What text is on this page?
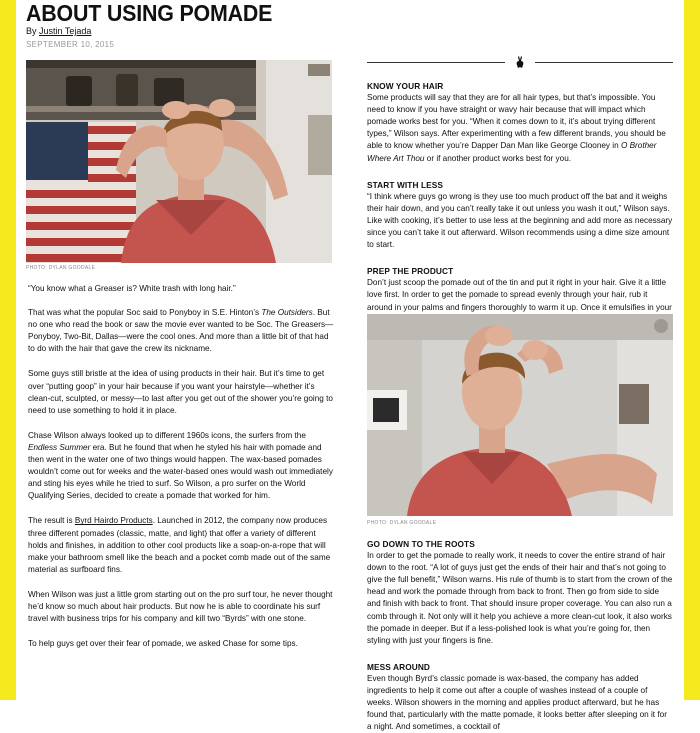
ABOUT USING POMADE
By Justin Tejada
SEPTEMBER 10, 2015
PHOTO: DYLAN GOODALE

“You know what a Greaser is? White trash with long hair.”

That was what the popular Soc said to Ponyboy in S.E. Hinton’s The Outsiders. But no one who read the book or saw the movie ever wanted to be Soc. The Greasers—Ponyboy, Two-Bit, Dallas—were the cool ones. And more than a little bit of that had to do with the hair that gave the crew its nickname.

Some guys still bristle at the idea of using products in their hair. But it’s time to get over “putting goop” in your hair because if you want your hairstyle—whether it’s clean-cut, sculpted, or messy—to last after you get out of the shower you’re going to need to use something to hold it in place.

Chase Wilson always looked up to different 1960s icons, the surfers from the Endless Summer era. But he found that when he styled his hair with pomade and then went in the water one of two things would happen. The wax-based pomades wouldn’t come out for weeks and the water-based ones would wash out immediately and sting his eyes while he tried to surf. So Wilson, a pro surfer on the World Qualifying Series, decided to create a pomade that worked for him.

The result is Byrd Hairdo Products. Launched in 2012, the company now produces three different pomades (classic, matte, and light) that offer a variety of different holds and finishes, in addition to other cool products like a soap-on-a-rope that will make your bathroom smell like the beach and a pocket comb made out of the same material as surfboard fins.

When Wilson was just a little grom starting out on the pro surf tour, he never thought he’d know so much about hair products. But now he is able to coordinate his surf travel with business trips for his company and kill two “Byrds” with one stone.

To help guys get over their fear of pomade, we asked Chase for some tips.

KNOW YOUR HAIR

Some products will say that they are for all hair types, but that’s impossible. You need to know if you have straight or wavy hair because that will impact which pomade works best for you. “When it comes down to it, it’s about trying different types,” Wilson says. After experimenting with a few different brands, you should be able to know whether you’re Dapper Dan Man like George Clooney in O Brother Where Art Thou or if another product works best for you.

START WITH LESS

“I think where guys go wrong is they use too much product off the bat and it weighs their hair down, and you can’t really take it out unless you wash it out,” Wilson says. Like with cooking, it’s better to use less at the beginning and add more as necessary since you can’t take it out afterward. Wilson recommends using a dime size amount to start.

PREP THE PRODUCT

Don’t just scoop the pomade out of the tin and put it right in your hair. Give it a little love first. In order to get the pomade to spread evenly through your hair, rub it around in your palms and fingers thoroughly to warm it up. Once it emulsifies in your

PHOTO: DYLAN GOODALE

GO DOWN TO THE ROOTS

In order to get the pomade to really work, it needs to cover the entire strand of hair down to the root. “A lot of guys just get the ends of their hair and that’s not going to give the full benefit,” Wilson warns. His rule of thumb is to start from the crown of the head and work the pomade through from back to front. Then go from side to side and finish with back to front. That should insure proper coverage. You can also run a comb through it. Not only will it help you achieve a more clean-cut look, it also works the pomade in deeper. But if a less-polished look is what you’re going for, then styling with just your fingers is fine.

MESS AROUND

Even though Byrd’s classic pomade is wax-based, the company has added ingredients to help it come out after a couple of washes instead of a couple of weeks. Wilson showers in the morning and applies product afterward, but he has found that, particularly with the matte pomade, it looks better after sleeping on it for a night. And sometimes, a cocktail of
